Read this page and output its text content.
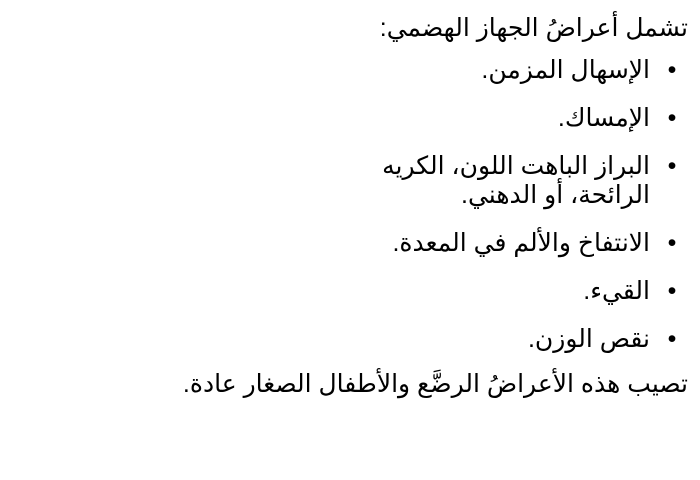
تشمل أعراضُ الجهاز الهضمي:

•
الإسهال المزمن.
•
الإمساك.
•
البراز الباهت اللون، الكريه الرائحة، أو الدهني.
•
الانتفاخ والألم في المعدة.
•
القيء.
•
نقص الوزن.

تصيب هذه الأعراضُ الرضَّع والأطفال الصغار عادة.
